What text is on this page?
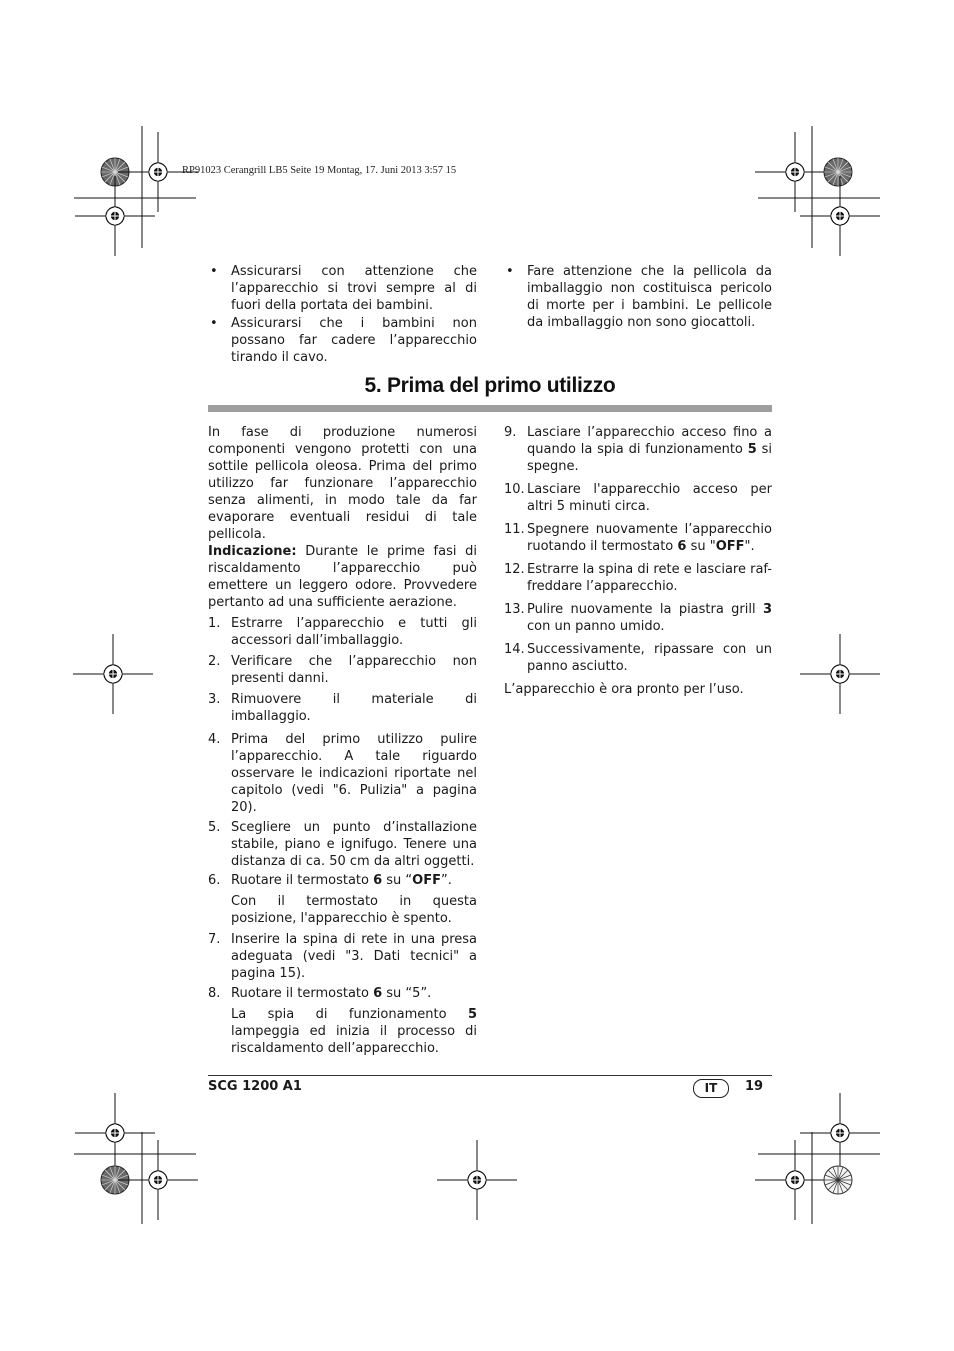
RP91023 Cerangrill LB5 Seite 19 Montag, 17. Juni 2013 3:57 15
• Assicurarsi con attenzione che l’apparecchio si trovi sempre al di fuori della portata dei bambini.
• Assicurarsi che i bambini non possano far cadere l’apparecchio tirando il cavo.
• Fare attenzione che la pellicola da imballaggio non costituisca pericolo di morte per i bambini. Le pellicole da imballaggio non sono giocattoli.
5. Prima del primo utilizzo

In fase di produzione numerosi componenti vengono protetti con una sottile pellicola oleosa. Prima del primo utilizzo far funzionare l’apparecchio senza alimenti, in modo tale da far evaporare eventuali residui di tale pellicola.

Indicazione: Durante le prime fasi di riscaldamento l’apparecchio può emettere un leggero odore. Provvedere pertanto ad una sufficiente aerazione.

1. Estrarre l’apparecchio e tutti gli accessori dall’imballaggio.
2. Verificare che l’apparecchio non presenti danni.
3. Rimuovere il materiale di imballaggio.
4. Prima del primo utilizzo pulire l’apparecchio. A tale riguardo osservare le indicazioni riportate nel capitolo (vedi "6. Pulizia" a pagina 20).
5. Scegliere un punto d’installazione stabile, piano e ignifugo. Tenere una distanza di ca. 50 cm da altri oggetti.
6. Ruotare il termostato 6 su “OFF”.

Con il termostato in questa posizione, l'apparecchio è spento.

7. Inserire la spina di rete in una presa adeguata (vedi "3. Dati tecnici" a pagina 15).
8. Ruotare il termostato 6 su “5”.

La spia di funzionamento 5 lampeggia ed inizia il processo di riscaldamento dell’apparecchio.

9. Lasciare l’apparecchio acceso fino a quando la spia di funzionamento 5 si spegne.
10. Lasciare l'apparecchio acceso per altri 5 minuti circa.
11. Spegnere nuovamente l’apparecchio ruotando il termostato 6 su "OFF".
12. Estrarre la spina di rete e lasciare raf-freddare l’apparecchio.
13. Pulire nuovamente la piastra grill 3 con un panno umido.
14. Successivamente, ripassare con un panno asciutto.

L’apparecchio è ora pronto per l’uso.

SCG 1200 A1	IT	19
